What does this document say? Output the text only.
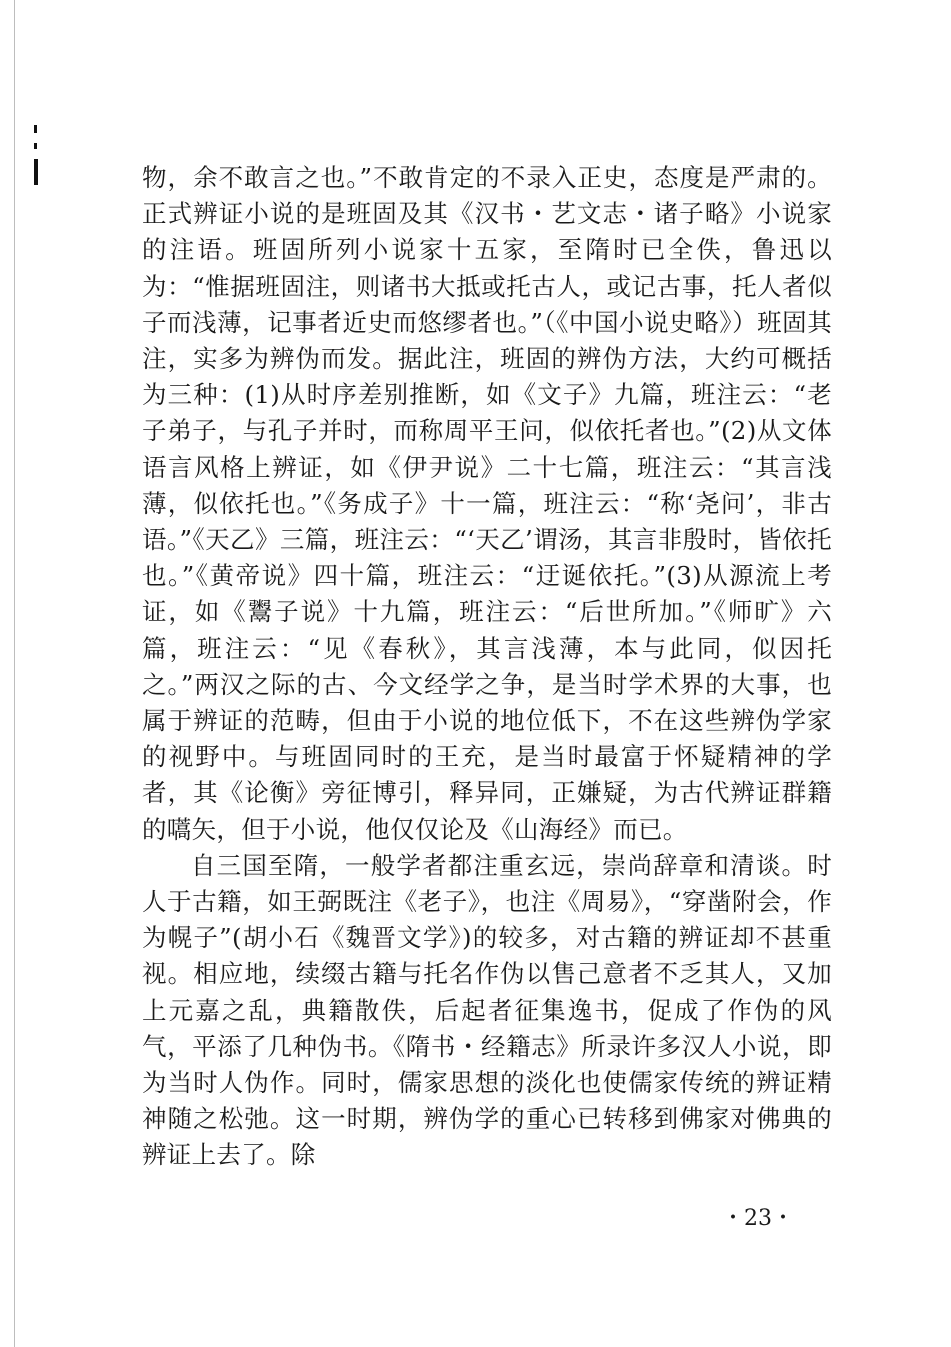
物，余不敢言之也。”不敢肯定的不录入正史，态度是严肃的。正式辨证小说的是班固及其《汉书・艺文志・诸子略》小说家的注语。班固所列小说家十五家，至隋时已全佚，鲁迅以为：“惟据班固注，则诸书大抵或托古人，或记古事，托人者似子而浅薄，记事者近史而悠缪者也。”（《中国小说史略》）班固其注，实多为辨伪而发。据此注，班固的辨伪方法，大约可概括为三种：(1)从时序差别推断，如《文子》九篇，班注云：“老子弟子，与孔子并时，而称周平王问，似依托者也。”(2)从文体语言风格上辨证，如《伊尹说》二十七篇，班注云：“其言浅薄，似依托也。”《务成子》十一篇，班注云：“称‘尧问’，非古语。”《天乙》三篇，班注云：“‘天乙’谓汤，其言非殷时，皆依托也。”《黄帝说》四十篇，班注云：“迂诞依托。”(3)从源流上考证，如《鬻子说》十九篇，班注云：“后世所加。”《师旷》六篇，班注云：“见《春秋》，其言浅薄，本与此同，似因托之。”两汉之际的古、今文经学之争，是当时学术界的大事，也属于辨证的范畴，但由于小说的地位低下，不在这些辨伪学家的视野中。与班固同时的王充，是当时最富于怀疑精神的学者，其《论衡》旁征博引，释异同，正嫌疑，为古代辨证群籍的嚆矢，但于小说，他仅仅论及《山海经》而已。

自三国至隋，一般学者都注重玄远，崇尚辞章和清谈。时人于古籍，如王弼既注《老子》，也注《周易》，“穿凿附会，作为幌子”(胡小石《魏晋文学》)的较多，对古籍的辨证却不甚重视。相应地，续缀古籍与托名作伪以售己意者不乏其人，又加上元嘉之乱，典籍散佚，后起者征集逸书，促成了作伪的风气，平添了几种伪书。《隋书・经籍志》所录许多汉人小说，即为当时人伪作。同时，儒家思想的淡化也使儒家传统的辨证精神随之松弛。这一时期，辨伪学的重心已转移到佛家对佛典的辨证上去了。除

・23・
